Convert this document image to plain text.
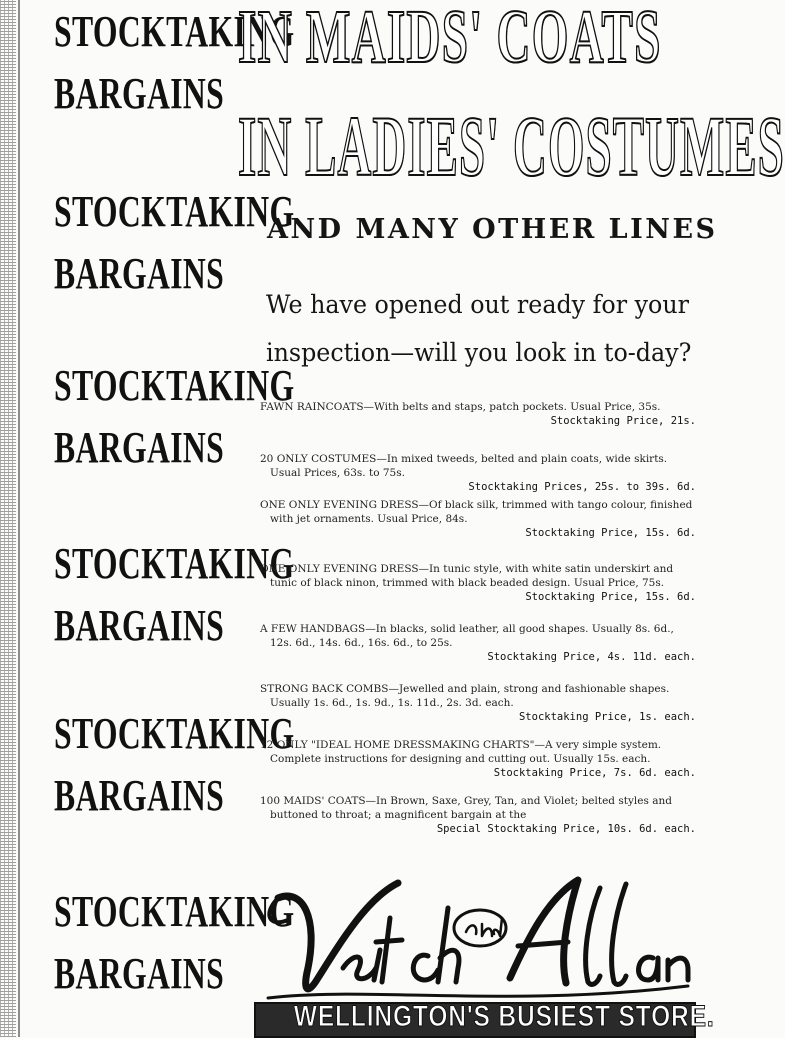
STOCKTAKING
BARGAINS
STOCKTAKING
BARGAINS
STOCKTAKING
BARGAINS
STOCKTAKING
BARGAINS
STOCKTAKING
BARGAINS
STOCKTAKING
BARGAINS
IN MAIDS' COATS
IN LADIES' COSTUMES
AND MANY OTHER LINES
We have opened out ready for your
inspection—will you look in to-day?
FAWN RAINCOATS—With belts and staps, patch pockets. Usual Price, 35s.
Stocktaking Price, 21s.
20 ONLY COSTUMES—In mixed tweeds, belted and plain coats, wide skirts. Usual Prices, 63s. to 75s.
Stocktaking Prices, 25s. to 39s. 6d.
ONE ONLY EVENING DRESS—Of black silk, trimmed with tango colour, finished with jet ornaments. Usual Price, 84s.
Stocktaking Price, 15s. 6d.
ONE ONLY EVENING DRESS—In tunic style, with white satin underskirt and tunic of black ninon, trimmed with black beaded design. Usual Price, 75s.
Stocktaking Price, 15s. 6d.
A FEW HANDBAGS—In blacks, solid leather, all good shapes. Usually 8s. 6d., 12s. 6d., 14s. 6d., 16s. 6d., to 25s.
Stocktaking Price, 4s. 11d. each.
STRONG BACK COMBS—Jewelled and plain, strong and fashionable shapes. Usually 1s. 6d., 1s. 9d., 1s. 11d., 2s. 3d. each.
Stocktaking Price, 1s. each.
12 ONLY "IDEAL HOME DRESSMAKING CHARTS"—A very simple system. Complete instructions for designing and cutting out. Usually 15s. each.
Stocktaking Price, 7s. 6d. each.
100 MAIDS' COATS—In Brown, Saxe, Grey, Tan, and Violet; belted styles and buttoned to throat; a magnificent bargain at the
Special Stocktaking Price, 10s. 6d. each.
WELLINGTON'S BUSIEST STORE.
